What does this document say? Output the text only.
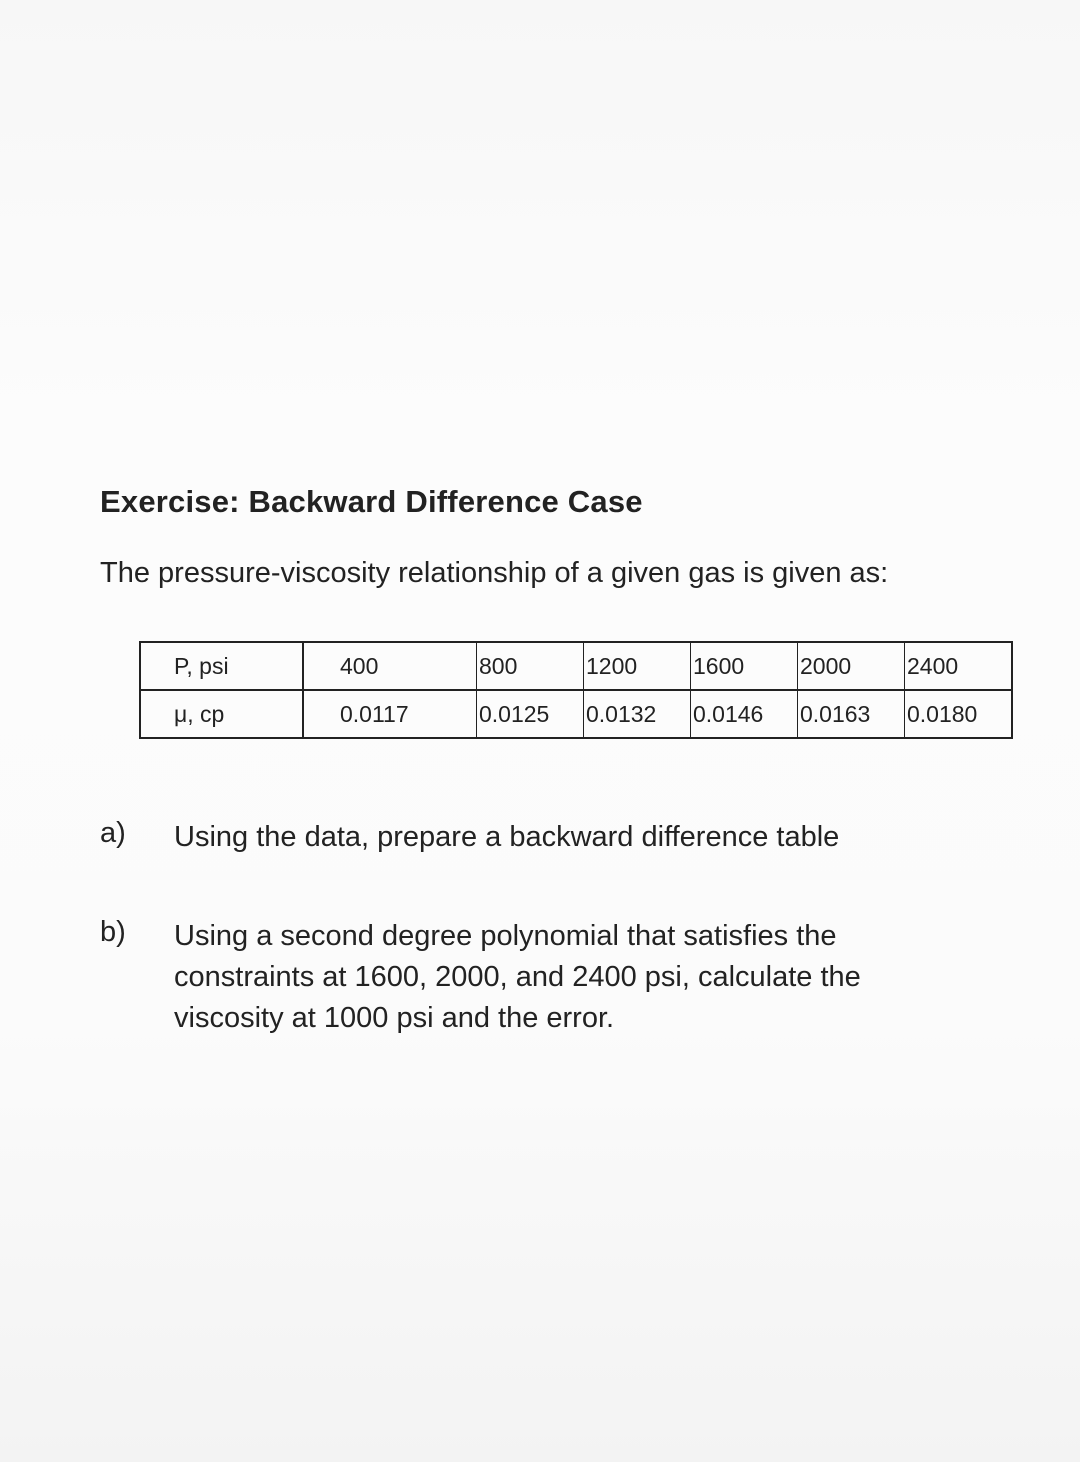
Exercise: Backward Difference Case
The pressure-viscosity relationship of a given gas is given as:
P, psi	400	800	1200	1600	2000	2400
μ, cp	0.0117	0.0125	0.0132	0.0146	0.0163	0.0180
a) Using the data, prepare a backward difference table
b) Using a second degree polynomial that satisfies the constraints at 1600, 2000, and 2400 psi, calculate the viscosity at 1000 psi and the error.
